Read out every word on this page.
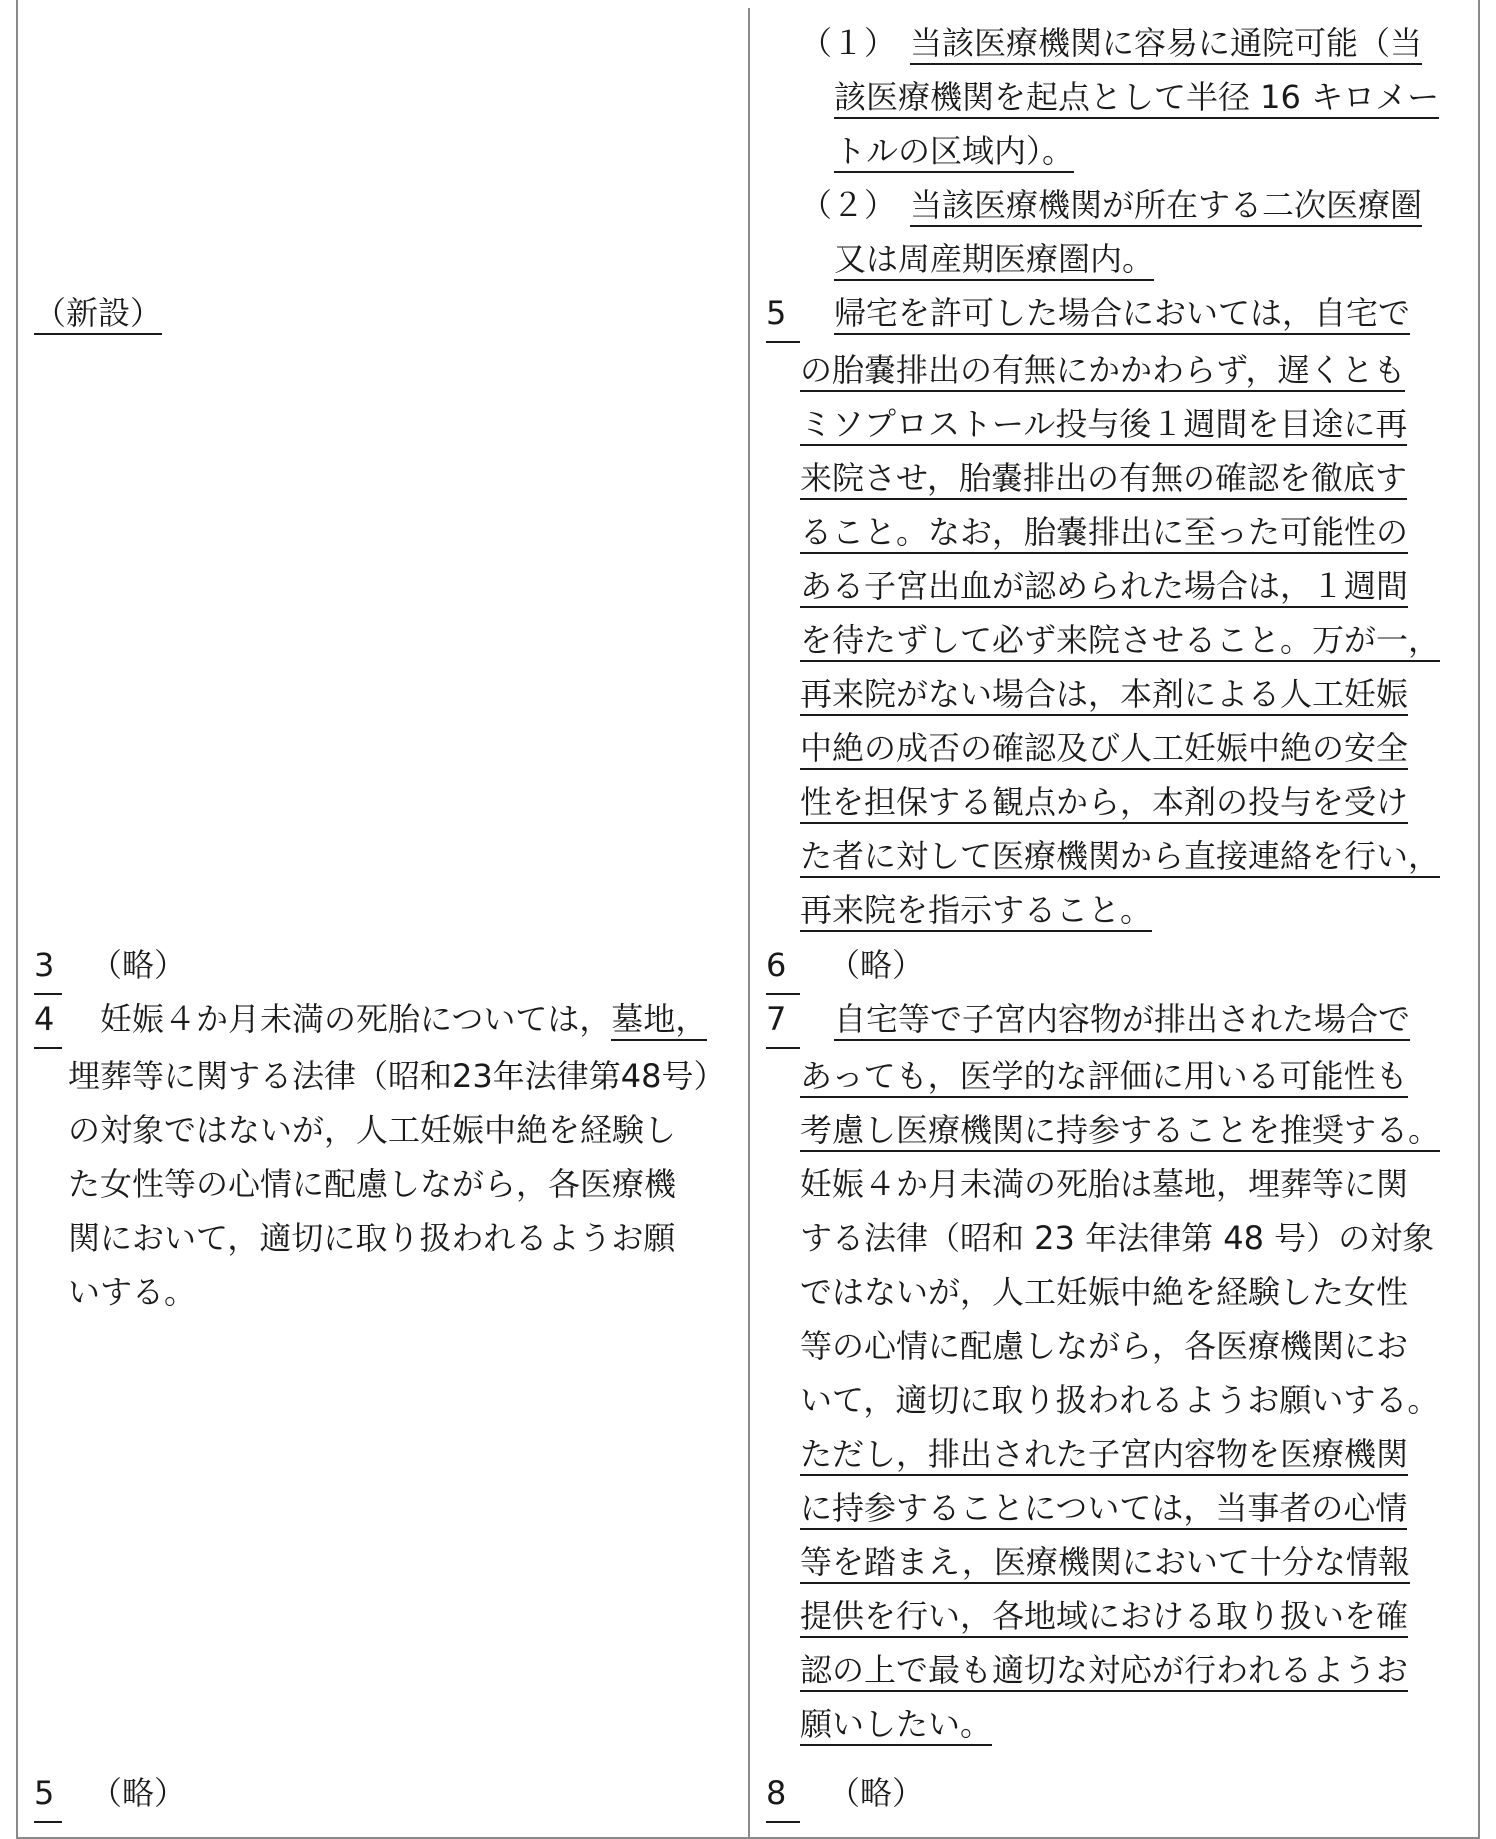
（新設）
3 （略）
4 妊娠４か月未満の死胎については，墓地，
埋葬等に関する法律（昭和23年法律第48号）
の対象ではないが，人工妊娠中絶を経験し
た女性等の心情に配慮しながら，各医療機
関において，適切に取り扱われるようお願
いする。
5 （略）
（１） 当該医療機関に容易に通院可能（当
該医療機関を起点として半径 16 キロメー
トルの区域内）。
（２） 当該医療機関が所在する二次医療圏
又は周産期医療圏内。
5 帰宅を許可した場合においては，自宅で
の胎嚢排出の有無にかかわらず，遅くとも
ミソプロストール投与後１週間を目途に再
来院させ，胎嚢排出の有無の確認を徹底す
ること。なお，胎嚢排出に至った可能性の
ある子宮出血が認められた場合は，１週間
を待たずして必ず来院させること。万が一，
再来院がない場合は，本剤による人工妊娠
中絶の成否の確認及び人工妊娠中絶の安全
性を担保する観点から，本剤の投与を受け
た者に対して医療機関から直接連絡を行い，
再来院を指示すること。
6 （略）
7 自宅等で子宮内容物が排出された場合で
あっても，医学的な評価に用いる可能性も
考慮し医療機関に持参することを推奨する。
妊娠４か月未満の死胎は墓地，埋葬等に関
する法律（昭和 23 年法律第 48 号）の対象
ではないが，人工妊娠中絶を経験した女性
等の心情に配慮しながら，各医療機関にお
いて，適切に取り扱われるようお願いする。
ただし，排出された子宮内容物を医療機関
に持参することについては，当事者の心情
等を踏まえ，医療機関において十分な情報
提供を行い，各地域における取り扱いを確
認の上で最も適切な対応が行われるようお
願いしたい。
8 （略）
